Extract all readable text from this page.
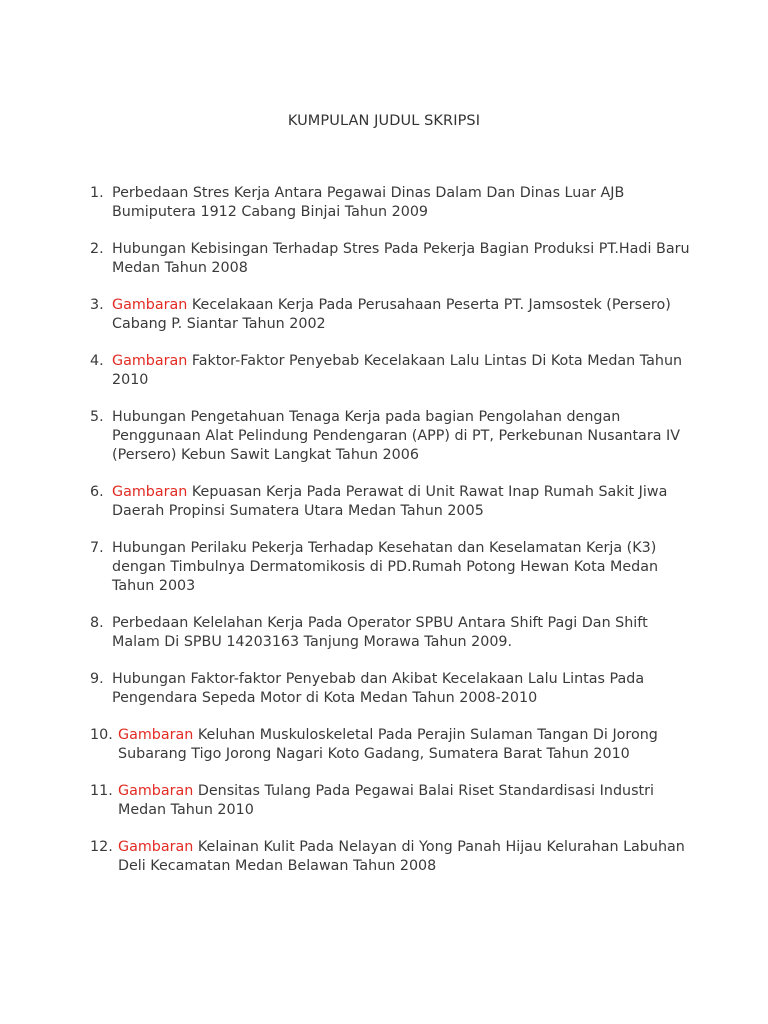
KUMPULAN JUDUL SKRIPSI
1. Perbedaan Stres Kerja Antara Pegawai Dinas Dalam Dan Dinas Luar AJB Bumiputera 1912 Cabang Binjai Tahun 2009
2. Hubungan Kebisingan Terhadap Stres Pada Pekerja Bagian Produksi PT.Hadi Baru Medan Tahun 2008
3. Gambaran Kecelakaan Kerja Pada Perusahaan Peserta PT. Jamsostek (Persero) Cabang P. Siantar Tahun 2002
4. Gambaran Faktor-Faktor Penyebab Kecelakaan Lalu Lintas Di Kota Medan Tahun 2010
5. Hubungan Pengetahuan Tenaga Kerja pada bagian Pengolahan dengan Penggunaan Alat Pelindung Pendengaran (APP) di PT, Perkebunan Nusantara IV (Persero) Kebun Sawit Langkat Tahun 2006
6. Gambaran Kepuasan Kerja Pada Perawat di Unit Rawat Inap Rumah Sakit Jiwa Daerah Propinsi Sumatera Utara Medan Tahun 2005
7. Hubungan Perilaku Pekerja Terhadap Kesehatan dan Keselamatan Kerja (K3) dengan Timbulnya Dermatomikosis di PD.Rumah Potong Hewan Kota Medan Tahun 2003
8. Perbedaan Kelelahan Kerja Pada Operator SPBU Antara Shift Pagi Dan Shift Malam Di SPBU 14203163 Tanjung Morawa Tahun 2009.
9. Hubungan Faktor-faktor Penyebab dan Akibat Kecelakaan Lalu Lintas Pada Pengendara Sepeda Motor di Kota Medan Tahun 2008-2010
10. Gambaran Keluhan Muskuloskeletal Pada Perajin Sulaman Tangan Di Jorong Subarang Tigo Jorong Nagari Koto Gadang, Sumatera Barat Tahun 2010
11. Gambaran Densitas Tulang Pada Pegawai Balai Riset Standardisasi Industri Medan Tahun 2010
12. Gambaran Kelainan Kulit Pada Nelayan di Yong Panah Hijau Kelurahan Labuhan Deli Kecamatan Medan Belawan Tahun 2008
